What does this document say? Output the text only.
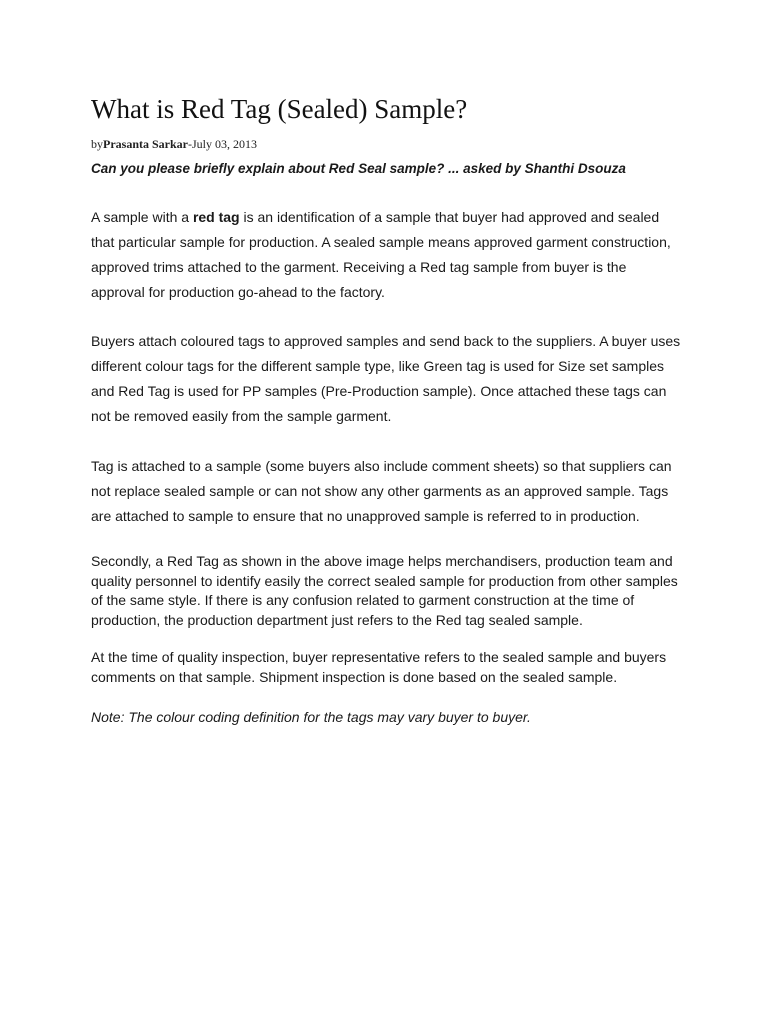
What is Red Tag (Sealed) Sample?
byPrasanta Sarkar-July 03, 2013
Can you please briefly explain about Red Seal sample? ... asked by Shanthi Dsouza

A sample with a red tag is an identification of a sample that buyer had approved and sealed that particular sample for production. A sealed sample means approved garment construction, approved trims attached to the garment. Receiving a Red tag sample from buyer is the approval for production go-ahead to the factory.

Buyers attach coloured tags to approved samples and send back to the suppliers. A buyer uses different colour tags for the different sample type, like Green tag is used for Size set samples and Red Tag is used for PP samples (Pre-Production sample). Once attached these tags can not be removed easily from the sample garment.

Tag is attached to a sample (some buyers also include comment sheets) so that suppliers can not replace sealed sample or can not show any other garments as an approved sample. Tags are attached to sample to ensure that no unapproved sample is referred to in production.

Secondly, a Red Tag as shown in the above image helps merchandisers, production team and quality personnel to identify easily the correct sealed sample for production from other samples of the same style. If there is any confusion related to garment construction at the time of production, the production department just refers to the Red tag sealed sample.

At the time of quality inspection, buyer representative refers to the sealed sample and buyers comments on that sample. Shipment inspection is done based on the sealed sample.

Note: The colour coding definition for the tags may vary buyer to buyer.
